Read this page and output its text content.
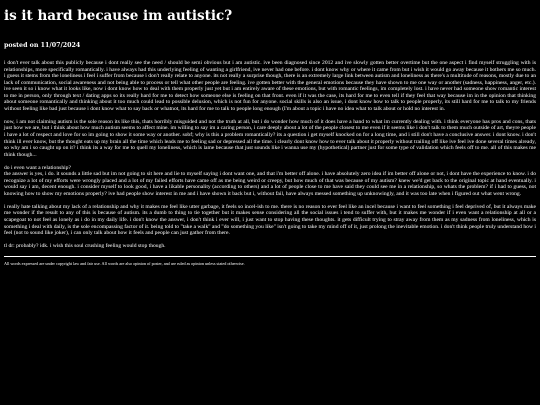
is it hard because im autistic?
posted on 11/07/2024

i don't ever talk about this publicly because i dont really see the need / should be semi obvious but i am autistic. ive been diagnosed since 2012 and ive slowly gotten better overtime but the one aspect i find myself struggling with is relationships, more specifically romantically. i have always had this underlying feeling of wanting a girlfriend, ive never had one before. i dont know why or where it came from but i wish it would go away because it bothers me so much. i guess it stems from the loneliness i feel i suffer from because i don't really relate to anyone. its not really a surprise though, there is an extremely large link between autism and loneliness as there's a multitude of reasons, mostly due to an lack of communication, social awareness and not being able to process or tell what other people are feeling. ive gotten better with the general emotions because they have shown to me one way or another (sadness, happiness, anger, etc.). ive seen it so i know what it looks like, now i dont know how to deal with them properly just yet but i am entirely aware of these emotions, but with romantic feelings, im completely lost. i have never had someone show romantic interest to me in person, only through text / dating apps so its really hard for me to detect how someone else is feeling on that front. even if it was the case, its hard for me to even tell if they feel that way because im in the opinion that thinking about someone romantically and thinking about it too much could lead to possible delusion, which is not fun for anyone. social skills is also an issue, i dont know how to talk to people properly, its still hard for me to talk to my friends without feeling like bad just because i dont know what to say back or whatnot, its hard for me to talk to people long enough (I'm about a topic i have no idea what to talk about or hold no interest in.

now, i am not claiming autism is the sole reason its like this, thats horribly misguided and not the truth at all, but i do wonder how much of it does have a hand to what im currently dealing with. i think everyone has pros and cons, thats just how we are, but i think about how much autism seems to affect mine. im willing to say im a caring person, i care deeply about a lot of the people closest to me even if it seems like i don't talk to them much outside of art, theyre people i have a lot of respect and love for so im going to show it some way or another. sobf; why is this a problem romantically? its a question i get myself knocked on for a long time, and i still don't have a conclusive answer. i dont know. i don't think ill ever know, but the thought eats up my brain all the time which leads me to feeling sad or depressed all the time. i clearly dont know how to ever talk about it properly without trailing off like ive feel ive done several times already, so why am i so caught up on it? i think its a way for me to quell my loneliness, which is lame because that just sounds like i wanna use my (hypothetical) partner just for some type of validation which feels off to me. all of this makes me think though...

do i even want a relationship?
the answer is yes, i do. it sounds a little sad but im not going to sit here and lie to myself saying i dont want one, and that i'm better off alone. i have absolutely zero idea if im better off alone or not, i dont have the experience to know. i do recognize a lot of my efforts were wrongly placed and a lot of my failed efforts have came off as me being weird or creepy, but how much of that was because of my autism? knew we'd get back to the original topic at hand eventually. i would say i am, decent enough. i consider myself to look good, i have a likable personality (according to others) and a lot of people close to me have said they could see me in a relationship, so whats the problem? if i had to guess, not knowing how to show my emotions properly? ive had people show interest in me and i have shown it back but i, without fail, have always messed something up unknowingly, and it was too late when i figured out what went wrong.

i really hate talking about my lack of a relationship and why it makes me feel like utter garbage, it feels so incel-ish to me. there is no reason to ever feel like an incel because i want to feel something i feel deprived of, but it always make me wonder if the result to any of this is because of autism. its a dumb to thing to tie together but it makes sense considering all the social issues i tend to suffer with, but it makes me wonder if i even want a relationship at all or a scapegoat to not feel as lonely as i do in my daily life. i don't know the answer, i don't think i ever will, i just want to stop having these thoughts. it gets difficult trying to stray away from them as my sadness from loneliness, which is something i deal with daily, is the sole encompassing factor of it. being told to "take a walk" and "do something you like" isn't going to take my mind off of it, just prolong the inevitable emotion. i don't think people truly understand how i feel (not to sound like joker), i can only talk about how it feels and people can just gather from there.

tl dr: probably? idk. i wish this soul crushing feeling would stop though.

All words expressed are under copyright law and fair use. All words are also opinion of poster, and are ruled as opinion unless stated otherwise.
